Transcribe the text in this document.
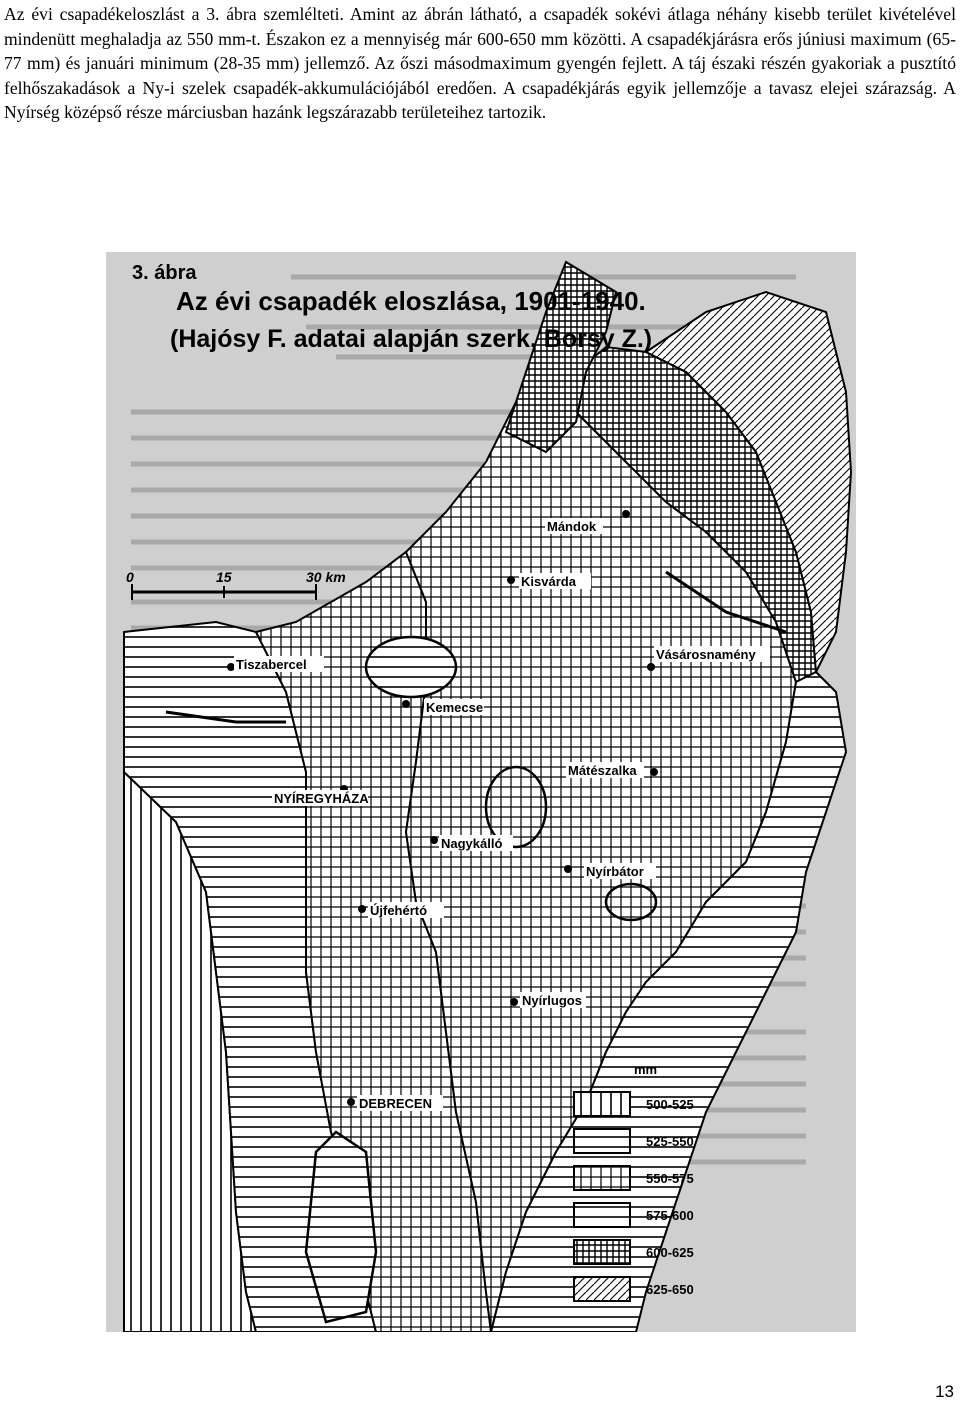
Az évi csapadékeloszlást a 3. ábra szemlélteti. Amint az ábrán látható, a csapadék sokévi átlaga néhány kisebb terület kivételével mindenütt meghaladja az 550 mm-t. Északon ez a mennyiség már 600-650 mm közötti. A csapadékjárásra erős júniusi maximum (65-77 mm) és januári minimum (28-35 mm) jellemző. Az őszi másodmaximum gyengén fejlett. A táj északi részén gyakoriak a pusztító felhőszakadások a Ny-i szelek csapadék-akkumulációjából eredően. A csapadékjárás egyik jellemzője a tavasz elejei szárazság. A Nyírség középső része márciusban hazánk legszárazabb területeihez tartozik.

3. ábra
Az évi csapadék eloszlása, 1901-1940.
(Hajósy F. adatai alapján szerk. Borsy Z.)
0	15	30 km
Mándok
Kisvárda
Vásárosnamény
Tiszabercel
Kemecse
NYÍREGYHÁZA
Mátészalka
Nagykálló
Nyírbátor
Újfehértó
Nyírlugos
DEBRECEN
mm
500-525
525-550
550-575
575-600
600-625
625-650
13
